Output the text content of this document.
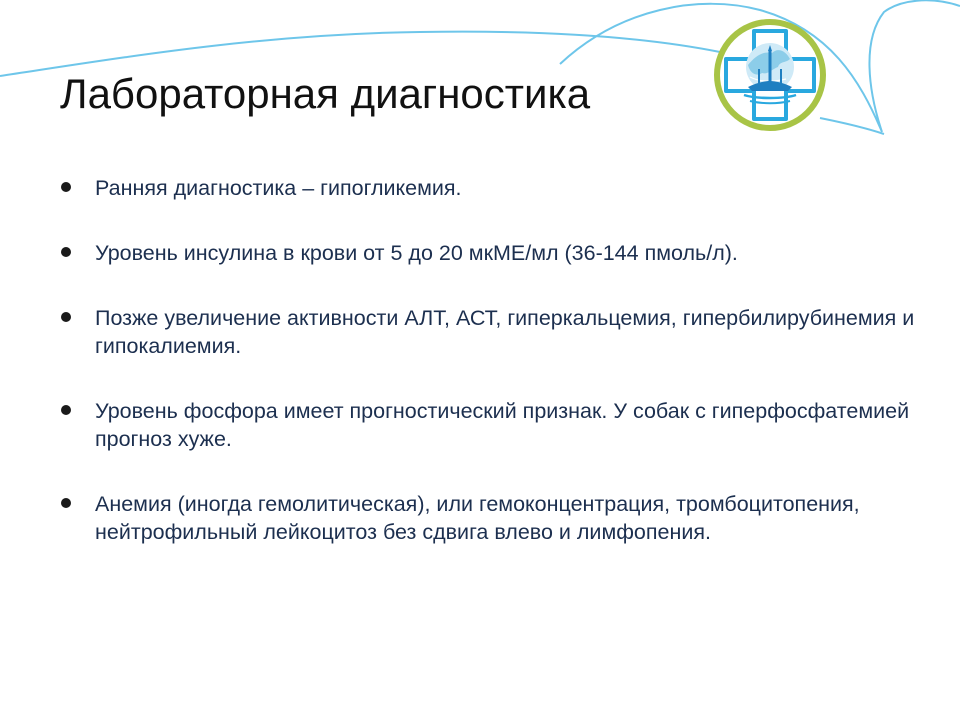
Лабораторная диагностика
Ранняя диагностика – гипогликемия.
Уровень инсулина в крови от 5 до 20 мкМЕ/мл (36-144 пмоль/л).
Позже увеличение активности АЛТ, АСТ, гиперкальцемия, гипербилирубинемия и гипокалиемия.
Уровень фосфора имеет прогностический признак. У собак с гиперфосфатемией прогноз хуже.
Анемия (иногда гемолитическая), или гемоконцентрация, тромбоцитопения, нейтрофильный лейкоцитоз без сдвига влево и лимфопения.
